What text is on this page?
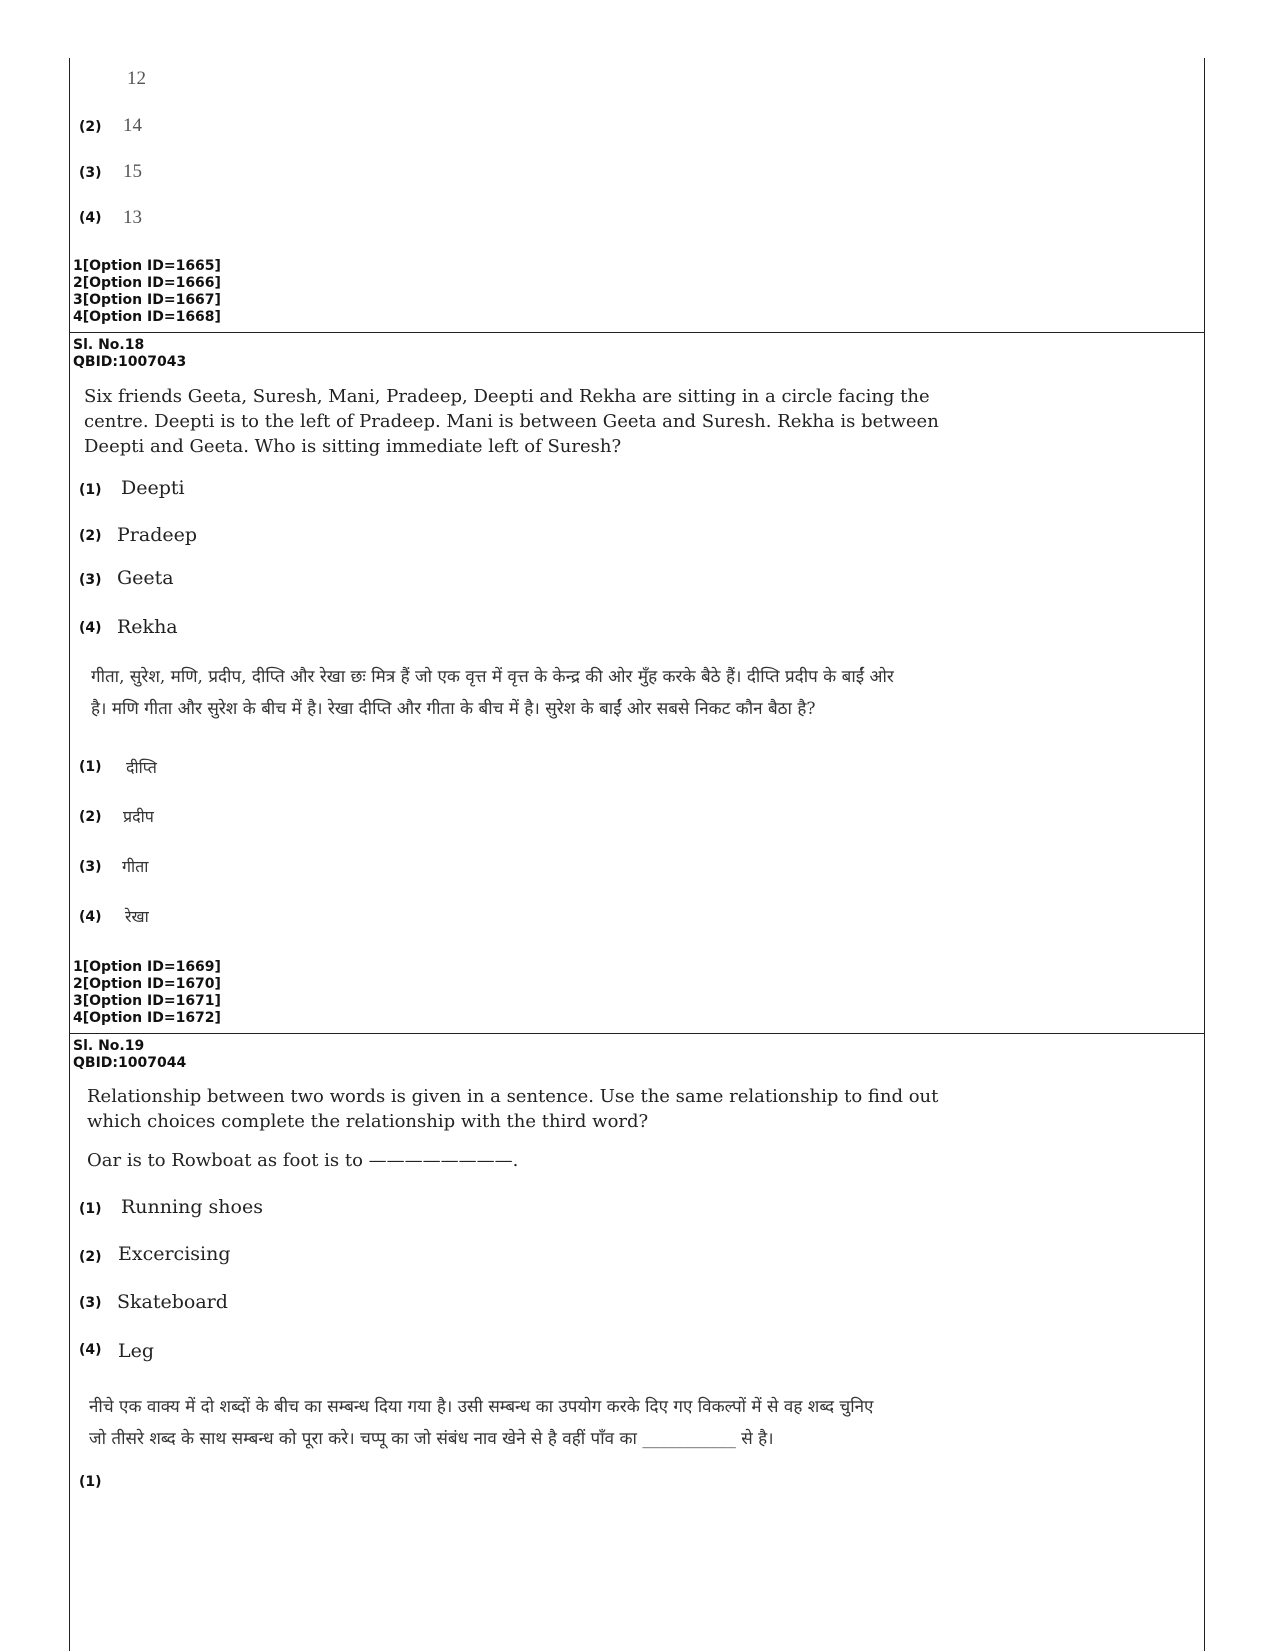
12
(2) 14
(3) 15
(4) 13
1[Option ID=1665]
2[Option ID=1666]
3[Option ID=1667]
4[Option ID=1668]
Sl. No.18
QBID:1007043
Six friends Geeta, Suresh, Mani, Pradeep, Deepti and Rekha are sitting in a circle facing the
centre. Deepti is to the left of Pradeep. Mani is between Geeta and Suresh. Rekha is between
Deepti and Geeta. Who is sitting immediate left of Suresh?
(1) Deepti
(2) Pradeep
(3) Geeta
(4) Rekha
गीता, सुरेश, मणि, प्रदीप, दीप्ति और रेखा छः मित्र हैं जो एक वृत्त में वृत्त के केन्द्र की ओर मुँह करके बैठे हैं। दीप्ति प्रदीप के बाईं ओर
है। मणि गीता और सुरेश के बीच में है। रेखा दीप्ति और गीता के बीच में है। सुरेश के बाईं ओर सबसे निकट कौन बैठा है?
(1) दीप्ति
(2) प्रदीप
(3) गीता
(4) रेखा
1[Option ID=1669]
2[Option ID=1670]
3[Option ID=1671]
4[Option ID=1672]
Sl. No.19
QBID:1007044
Relationship between two words is given in a sentence. Use the same relationship to find out
which choices complete the relationship with the third word?
Oar is to Rowboat as foot is to ————————.
(1) Running shoes
(2) Excercising
(3) Skateboard
(4) Leg
नीचे एक वाक्य में दो शब्दों के बीच का सम्बन्ध दिया गया है। उसी सम्बन्ध का उपयोग करके दिए गए विकल्पों में से वह शब्द चुनिए
जो तीसरे शब्द के साथ सम्बन्ध को पूरा करे। चप्पू का जो संबंध नाव खेने से है वहीं पाँव का ___________ से है।
(1)
